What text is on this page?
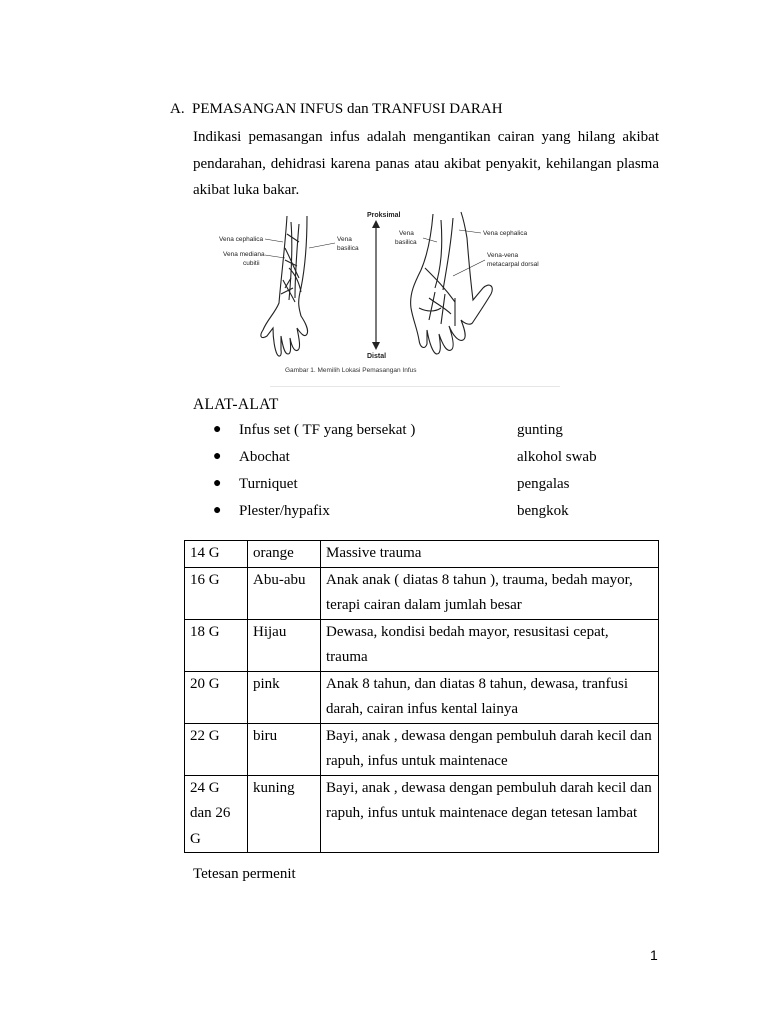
A. PEMASANGAN INFUS dan TRANFUSI DARAH
Indikasi pemasangan infus adalah mengantikan cairan yang hilang akibat pendarahan, dehidrasi karena panas atau akibat penyakit, kehilangan plasma akibat luka bakar.
Vena cephalica
Vena mediana
cubitii
Vena
basilica
Proksimal
Distal
Vena
basilica
Vena cephalica
Vena-vena
metacarpal dorsal
Gambar 1. Memilih Lokasi Pemasangan Infus
ALAT-ALAT
● Infus set ( TF yang bersekat )	gunting
● Abochat	alkohol swab
● Turniquet	pengalas
● Plester/hypafix	bengkok
14 G	orange	Massive trauma
16 G	Abu-abu	Anak anak ( diatas 8 tahun ), trauma, bedah mayor, terapi cairan dalam jumlah besar
18 G	Hijau	Dewasa, kondisi bedah mayor, resusitasi cepat, trauma
20 G	pink	Anak 8 tahun, dan diatas 8 tahun, dewasa, tranfusi darah, cairan infus kental lainya
22 G	biru	Bayi, anak , dewasa dengan pembuluh darah kecil dan rapuh, infus untuk maintenace
24 G dan 26 G	kuning	Bayi, anak , dewasa dengan pembuluh darah kecil dan rapuh, infus untuk maintenace degan tetesan lambat
Tetesan permenit
1
